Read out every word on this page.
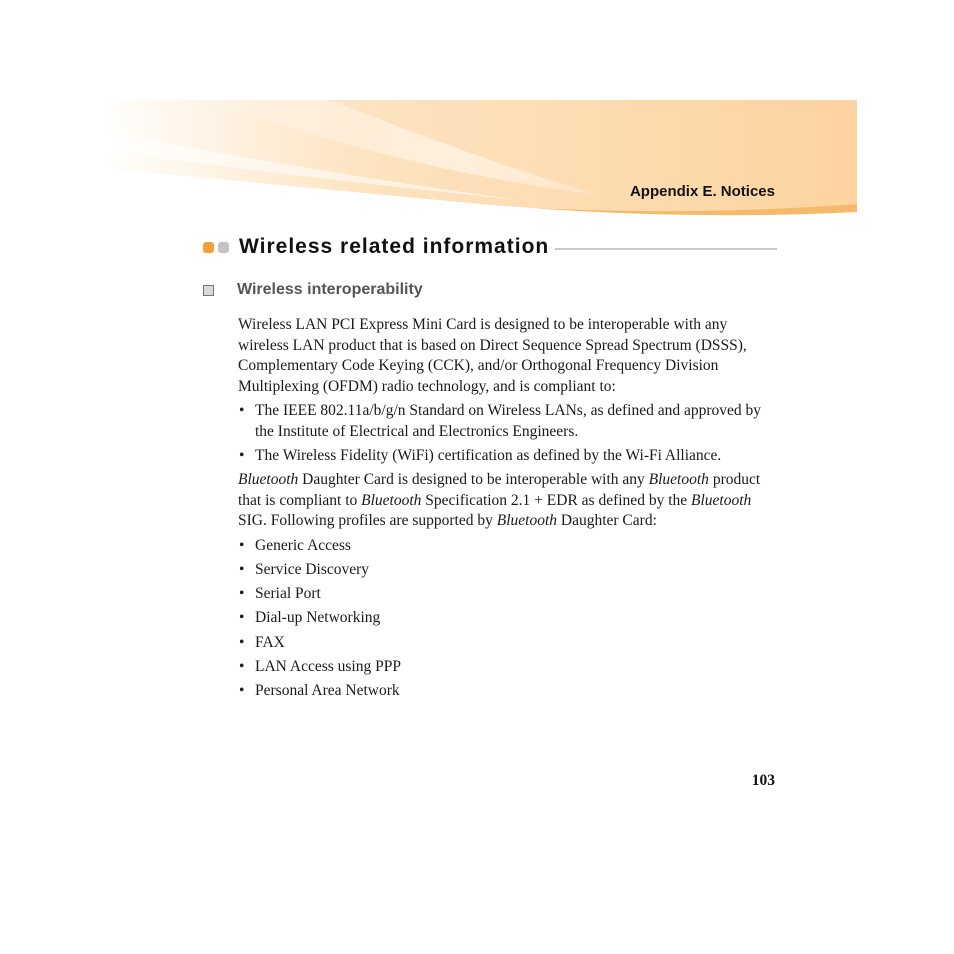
Appendix E. Notices
Wireless related information
Wireless interoperability

Wireless LAN PCI Express Mini Card is designed to be interoperable with any wireless LAN product that is based on Direct Sequence Spread Spectrum (DSSS), Complementary Code Keying (CCK), and/or Orthogonal Frequency Division Multiplexing (OFDM) radio technology, and is compliant to:

• The IEEE 802.11a/b/g/n Standard on Wireless LANs, as defined and approved by the Institute of Electrical and Electronics Engineers.
• The Wireless Fidelity (WiFi) certification as defined by the Wi-Fi Alliance.

Bluetooth Daughter Card is designed to be interoperable with any Bluetooth product that is compliant to Bluetooth Specification 2.1 + EDR as defined by the Bluetooth SIG. Following profiles are supported by Bluetooth Daughter Card:

• Generic Access
• Service Discovery
• Serial Port
• Dial-up Networking
• FAX
• LAN Access using PPP
• Personal Area Network
103
